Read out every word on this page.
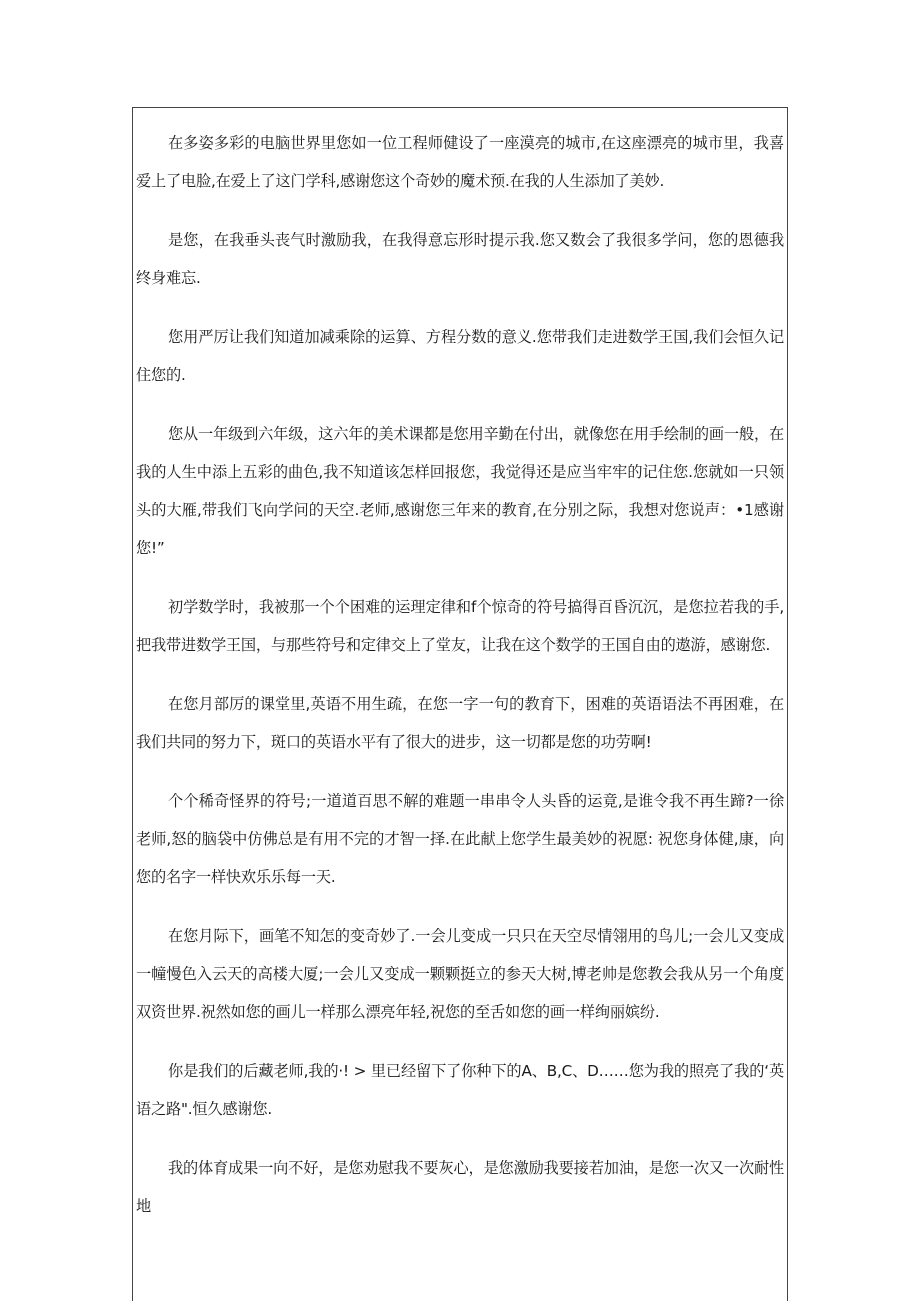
在多姿多彩的电脑世界里您如一位工程师健设了一座漠亮的城市,在这座漂亮的城市里，我喜爱上了电脸,在爱上了这门学科,感谢您这个奇妙的魔术预.在我的人生添加了美妙.

是您，在我垂头丧气时激励我，在我得意忘形时提示我.您又数会了我很多学问，您的恩德我终身难忘.

您用严厉让我们知道加减乘除的运算、方程分数的意义.您带我们走进数学王国,我们会恒久记住您的.

您从一年级到六年级，这六年的美术课都是您用辛勤在付出，就像您在用手绘制的画一般，在我的人生中添上五彩的曲色,我不知道该怎样回报您，我觉得还是应当牢牢的记住您.您就如一只领头的大雁,带我们飞向学问的天空.老师,感谢您三年来的教育,在分别之际，我想对您说声：•1感谢您!”

初学数学时，我被那一个个困难的运理定律和f个惊奇的符号搞得百昏沉沉，是您拉若我的手,把我带进数学王国，与那些符号和定律交上了堂友，让我在这个数学的王国自由的遨游，感谢您.

在您月部厉的课堂里,英语不用生疏，在您一字一句的教育下，困难的英语语法不再困难，在我们共同的努力下，斑口的英语水平有了很大的进步，这一切都是您的功劳啊!

个个稀奇怪界的符号;一道道百思不解的难题一串串令人头昏的运竟,是谁令我不再生蹄?一徐老师,怒的脑袋中仿佛总是有用不完的才智一择.在此献上您学生最美妙的祝愿: 祝您身体健,康，向您的名字一样快欢乐乐每一天.

在您月际下，画笔不知怎的变奇妙了.一会儿变成一只只在天空尽情翎用的鸟儿;一会儿又变成一幢慢色入云天的高楼大厦;一会儿又变成一颗颗挺立的参天大树,博老帅是您教会我从另一个角度双资世界.祝然如您的画儿一样那么漂亮年轻,祝您的至舌如您的画一样绚丽嫔纷.

你是我们的后藏老师,我的·! > 里已经留下了你种下的A、B,C、D……您为我的照亮了我的‘英语之路".恒久感谢您.

我的体育成果一向不好，是您劝慰我不要灰心，是您激励我要接若加油，是您一次又一次耐性地
